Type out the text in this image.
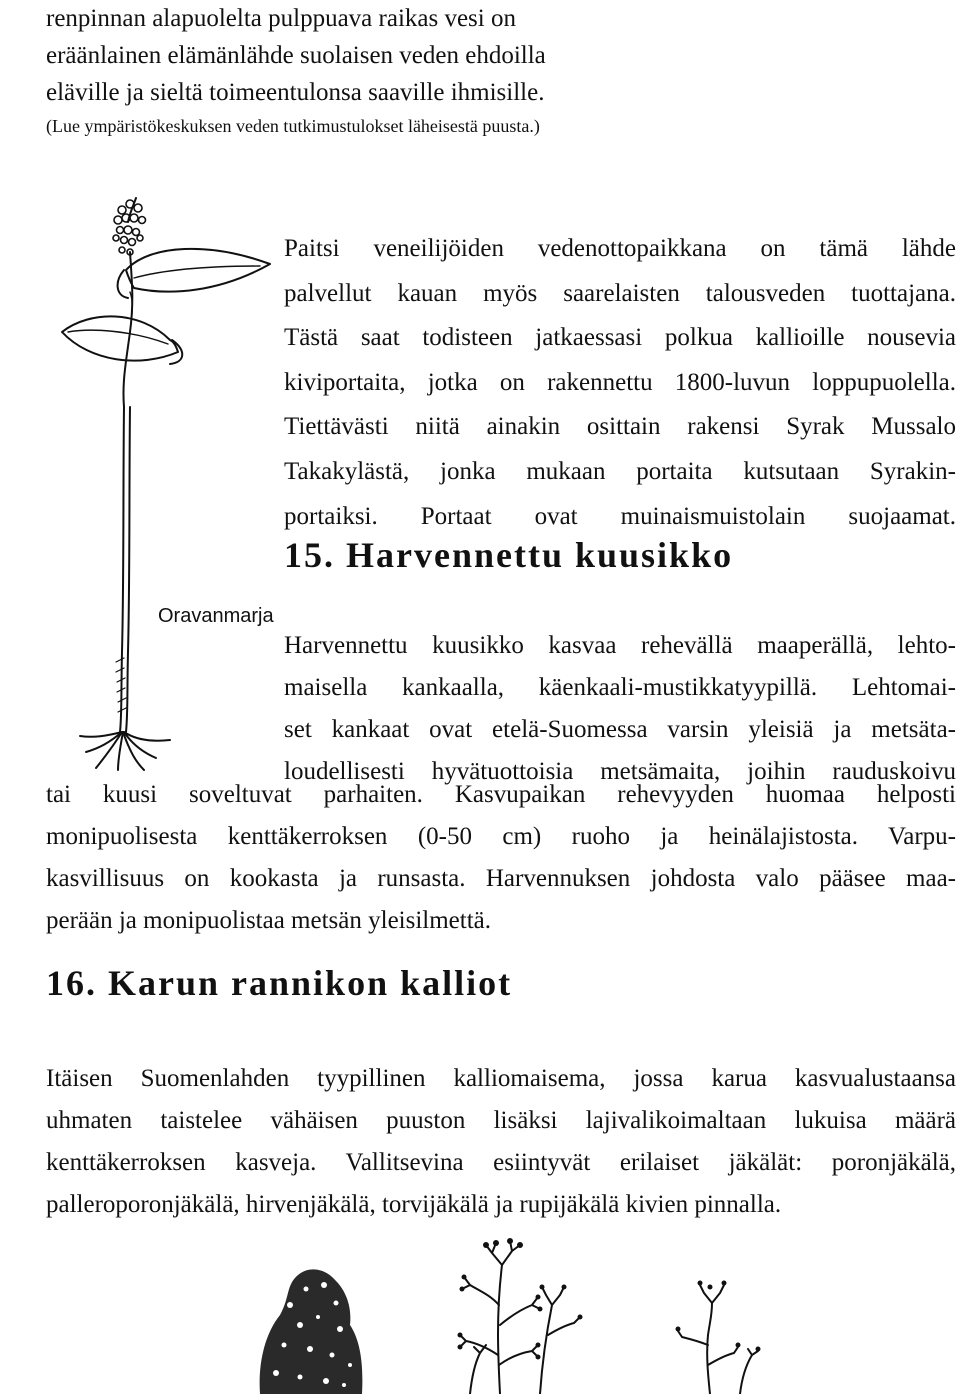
renpinnan alapuolelta pulppuava raikas vesi on
eräänlainen elämänlähde suolaisen veden ehdoilla
eläville ja sieltä toimeentulonsa saaville ihmisille.
(Lue ympäristökeskuksen veden tutkimustulokset läheisestä puusta.)
Paitsi veneilijöiden vedenottopaikkana on tämä lähde
palvellut kauan myös saarelaisten talousveden tuottajana.
Tästä saat todisteen jatkaessasi polkua kallioille nousevia
kiviportaita, jotka on rakennettu 1800-luvun loppupuolella.
Tiettävästi niitä ainakin osittain rakensi Syrak Mussalo
Takakylästä, jonka mukaan portaita kutsutaan Syrakin-
portaiksi. Portaat ovat muinaismuistolain suojaamat.
15. Harvennettu kuusikko
Oravanmarja
Harvennettu kuusikko kasvaa rehevällä maaperällä, lehto-
maisella kankaalla, käenkaali-mustikkatyypillä. Lehtomai-
set kankaat ovat etelä-Suomessa varsin yleisiä ja metsäta-
loudellisesti hyvätuottoisia metsämaita, joihin rauduskoivu
tai kuusi soveltuvat parhaiten. Kasvupaikan rehevyyden huomaa helposti
monipuolisesta kenttäkerroksen (0-50 cm) ruoho ja heinälajistosta. Varpu-
kasvillisuus on kookasta ja runsasta. Harvennuksen johdosta valo pääsee maa-
perään ja monipuolistaa metsän yleisilmettä.
16. Karun rannikon kalliot
Itäisen Suomenlahden tyypillinen kalliomaisema, jossa karua kasvualustaansa
uhmaten taistelee vähäisen puuston lisäksi lajivalikoimaltaan lukuisa määrä
kenttäkerroksen kasveja. Vallitsevina esiintyvät erilaiset jäkälät: poronjäkälä,
palleroporonjäkälä, hirvenjäkälä, torvijäkälä ja rupijäkälä kivien pinnalla.
